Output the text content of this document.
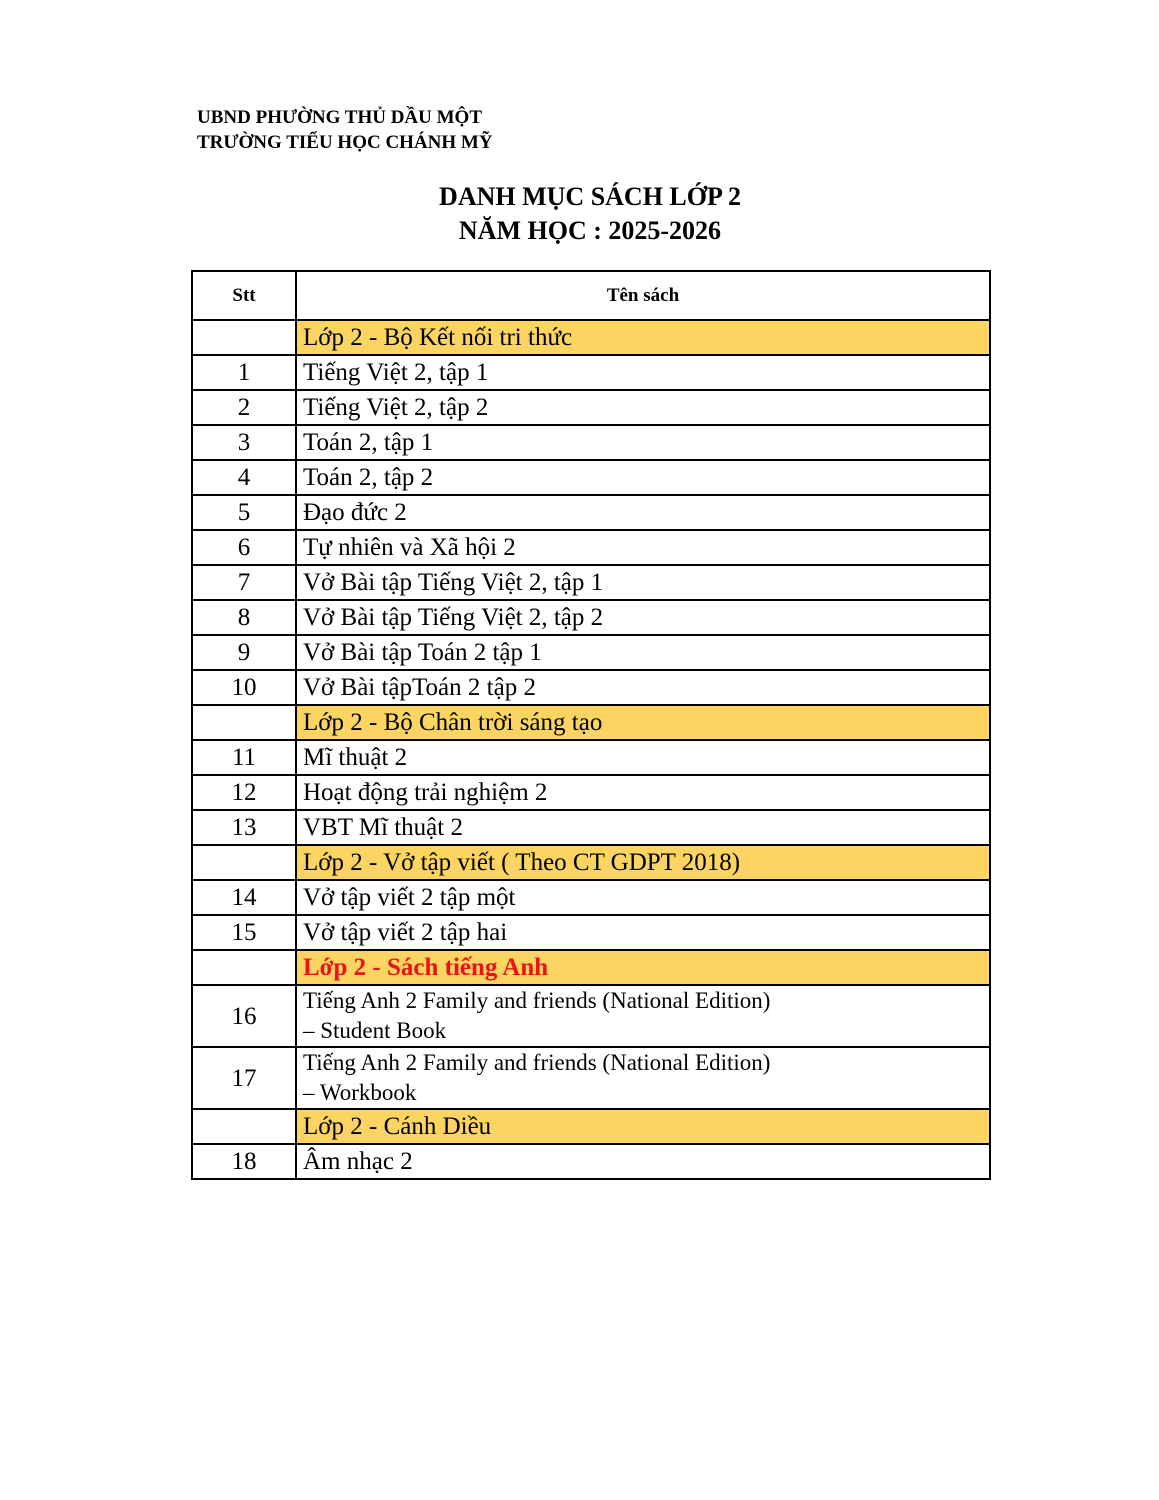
UBND PHƯỜNG THỦ DẦU MỘT
TRƯỜNG TIỂU HỌC CHÁNH MỸ
DANH MỤC SÁCH LỚP 2
NĂM HỌC : 2025-2026
Stt	Tên sách
	Lớp 2 - Bộ Kết nối tri thức
1	Tiếng Việt 2, tập 1
2	Tiếng Việt 2, tập 2
3	Toán 2, tập 1
4	Toán 2, tập 2
5	Đạo đức 2
6	Tự nhiên và Xã hội 2
7	Vở Bài tập Tiếng Việt 2, tập 1
8	Vở Bài tập Tiếng Việt 2, tập 2
9	Vở Bài tập Toán 2 tập 1
10	Vở Bài tậpToán 2 tập 2
	Lớp 2 - Bộ Chân trời sáng tạo
11	Mĩ thuật 2
12	Hoạt động trải nghiệm 2
13	VBT Mĩ thuật 2
	Lớp 2 - Vở tập viết ( Theo CT GDPT 2018)
14	Vở tập viết 2 tập một
15	Vở tập viết 2 tập hai
	Lớp 2 - Sách tiếng Anh
16	Tiếng Anh 2 Family and friends (National Edition)
– Student Book

17	Tiếng Anh 2 Family and friends (National Edition)
– Workbook

	Lớp 2 - Cánh Diều
18	Âm nhạc 2
